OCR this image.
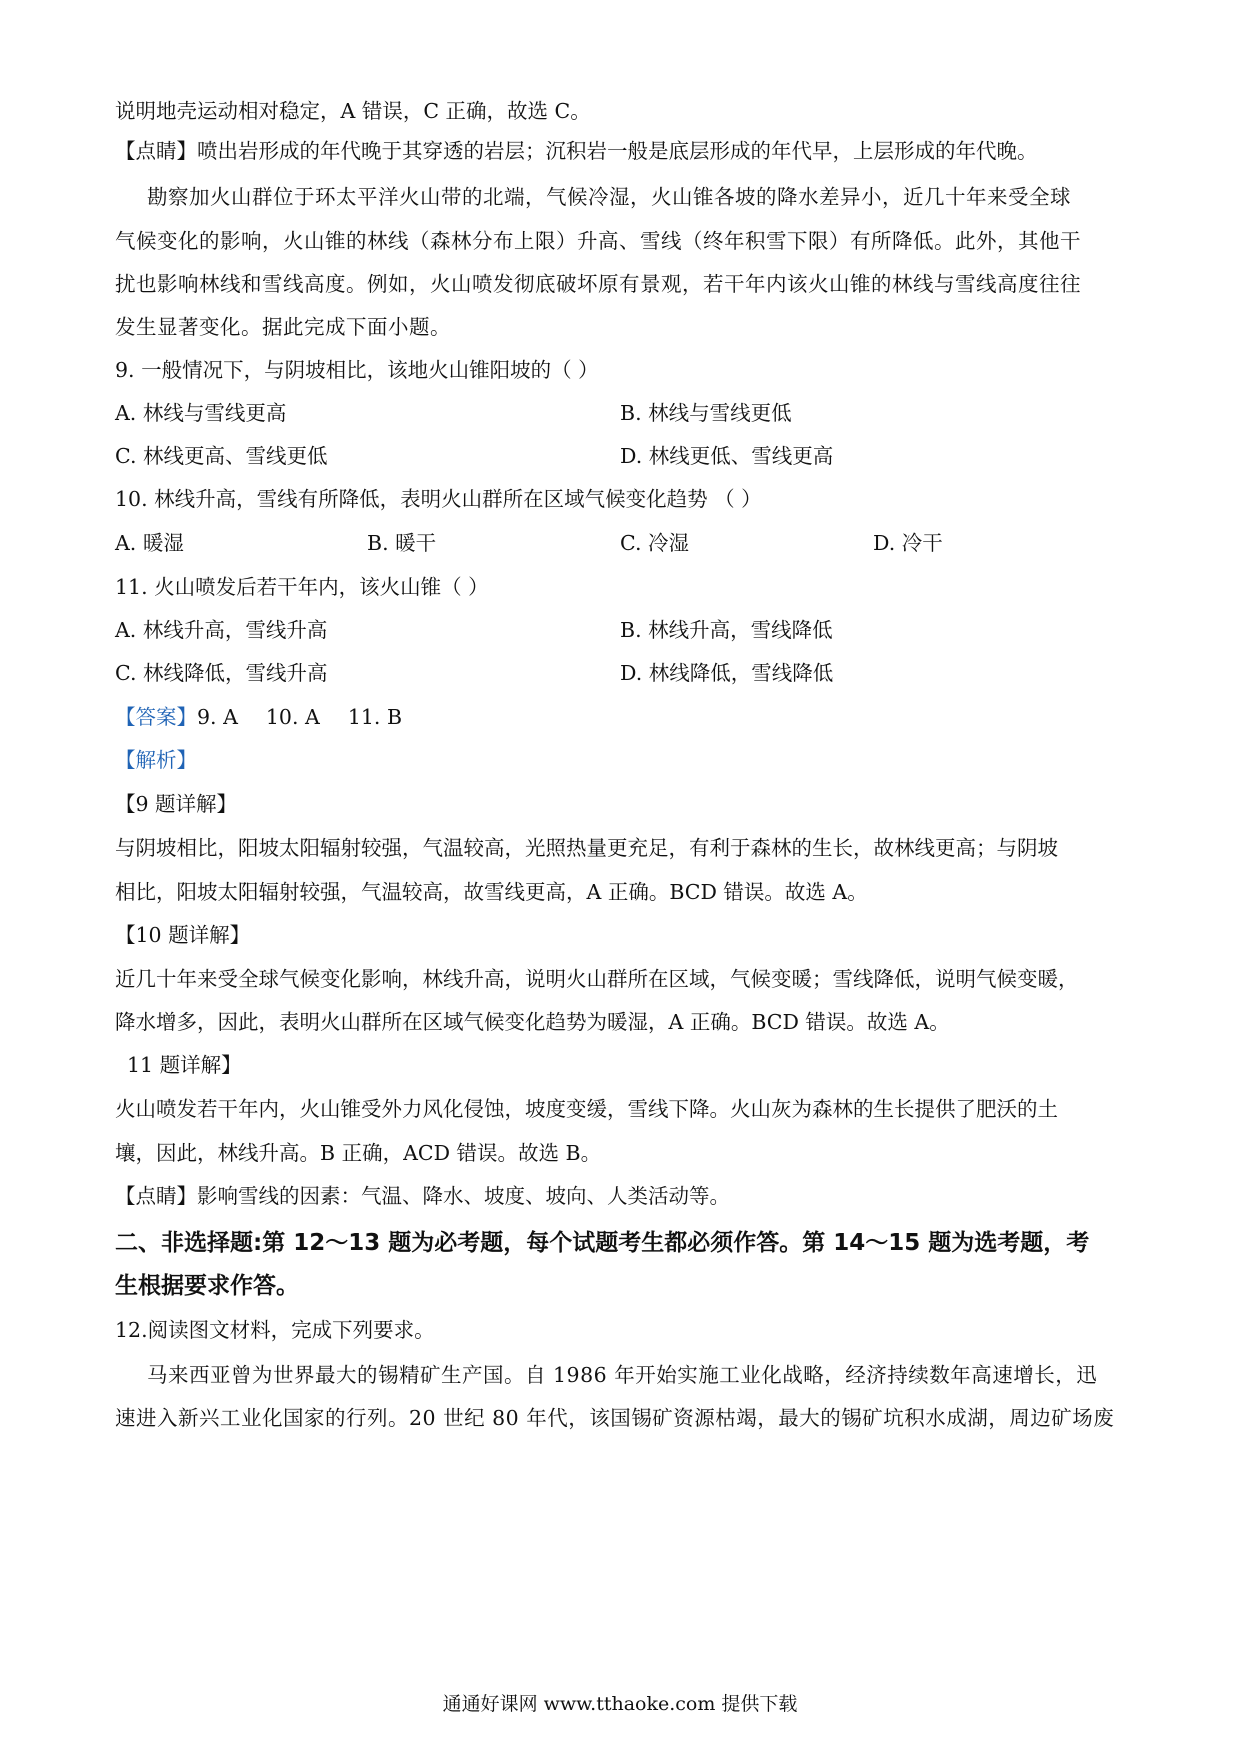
说明地壳运动相对稳定，A 错误，C 正确，故选 C。
【点睛】喷出岩形成的年代晚于其穿透的岩层；沉积岩一般是底层形成的年代早，上层形成的年代晚。
勘察加火山群位于环太平洋火山带的北端，气候冷湿，火山锥各坡的降水差异小，近几十年来受全球
气候变化的影响，火山锥的林线（森林分布上限）升高、雪线（终年积雪下限）有所降低。此外，其他干
扰也影响林线和雪线高度。例如，火山喷发彻底破坏原有景观，若干年内该火山锥的林线与雪线高度往往
发生显著变化。据此完成下面小题。
9. 一般情况下，与阴坡相比，该地火山锥阳坡的（ ）
A. 林线与雪线更高	B. 林线与雪线更低
C. 林线更高、雪线更低	D. 林线更低、雪线更高
10. 林线升高，雪线有所降低，表明火山群所在区域气候变化趋势 （ ）
A. 暖湿	B. 暖干	C. 冷湿	D. 冷干
11. 火山喷发后若干年内，该火山锥（ ）
A. 林线升高，雪线升高	B. 林线升高，雪线降低
C. 林线降低，雪线升高	D. 林线降低，雪线降低
【答案】9. A 10. A 11. B
【解析】
【9 题详解】
与阴坡相比，阳坡太阳辐射较强，气温较高，光照热量更充足，有利于森林的生长，故林线更高；与阴坡
相比，阳坡太阳辐射较强，气温较高，故雪线更高，A 正确。BCD 错误。故选 A。
【10 题详解】
近几十年来受全球气候变化影响，林线升高，说明火山群所在区域，气候变暖；雪线降低，说明气候变暖，
降水增多，因此，表明火山群所在区域气候变化趋势为暖湿，A 正确。BCD 错误。故选 A。
11 题详解】
火山喷发若干年内，火山锥受外力风化侵蚀，坡度变缓，雪线下降。火山灰为森林的生长提供了肥沃的土
壤，因此，林线升高。B 正确，ACD 错误。故选 B。
【点睛】影响雪线的因素：气温、降水、坡度、坡向、人类活动等。
二、非选择题:第 12～13 题为必考题，每个试题考生都必须作答。第 14～15 题为选考题，考
生根据要求作答。
12.阅读图文材料，完成下列要求。
马来西亚曾为世界最大的锡精矿生产国。自 1986 年开始实施工业化战略，经济持续数年高速增长，迅
速进入新兴工业化国家的行列。20 世纪 80 年代，该国锡矿资源枯竭，最大的锡矿坑积水成湖，周边矿场废
通通好课网 www.tthaoke.com 提供下载
